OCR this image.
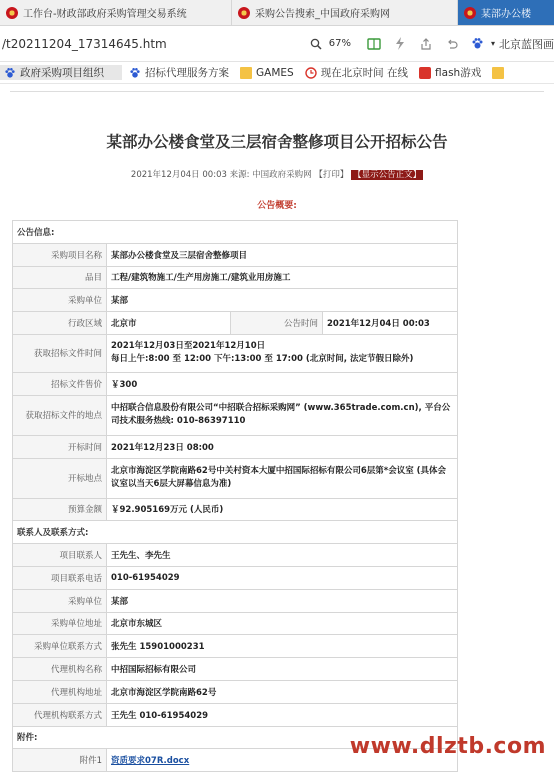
工作台-财政部政府采购管理交易系统	采购公告搜索_中国政府采购网	某部办公楼
/t20211204_17314645.htm	67%	▾ 北京蓝图画
政府采购项目组织	招标代理服务方案	GAMES	现在北京时间 在线	flash游戏
某部办公楼食堂及三层宿舍整修项目公开招标公告
2021年12月04日 00:03 来源: 中国政府采购网 【打印】 【显示公告正文】
公告概要:
公告信息:			
采购项目名称	某部办公楼食堂及三层宿舍整修项目		
品目	工程/建筑物施工/生产用房施工/建筑业用房施工		
采购单位	某部		
行政区域	北京市	公告时间	2021年12月04日 00:03
获取招标文件时间	2021年12月03日至2021年12月10日
每日上午:8:00 至 12:00 下午:13:00 至 17:00 (北京时间, 法定节假日除外)		

招标文件售价	￥300		
获取招标文件的地点	中招联合信息股份有限公司“中招联合招标采购网” (www.365trade.com.cn), 平台公司技术服务热线: 010-86397110		
开标时间	2021年12月23日 08:00		
开标地点	北京市海淀区学院南路62号中关村资本大厦中招国际招标有限公司6层第*会议室 (具体会议室以当天6层大屏幕信息为准)		
预算金额	￥92.905169万元 (人民币)		
联系人及联系方式:			
项目联系人	王先生、李先生		
项目联系电话	010-61954029		
采购单位	某部		
采购单位地址	北京市东城区		
采购单位联系方式	张先生 15901000231		
代理机构名称	中招国际招标有限公司		
代理机构地址	北京市海淀区学院南路62号		
代理机构联系方式	王先生 010-61954029		
附件:			
附件1	资质要求07R.docx		
www.dlztb.com
